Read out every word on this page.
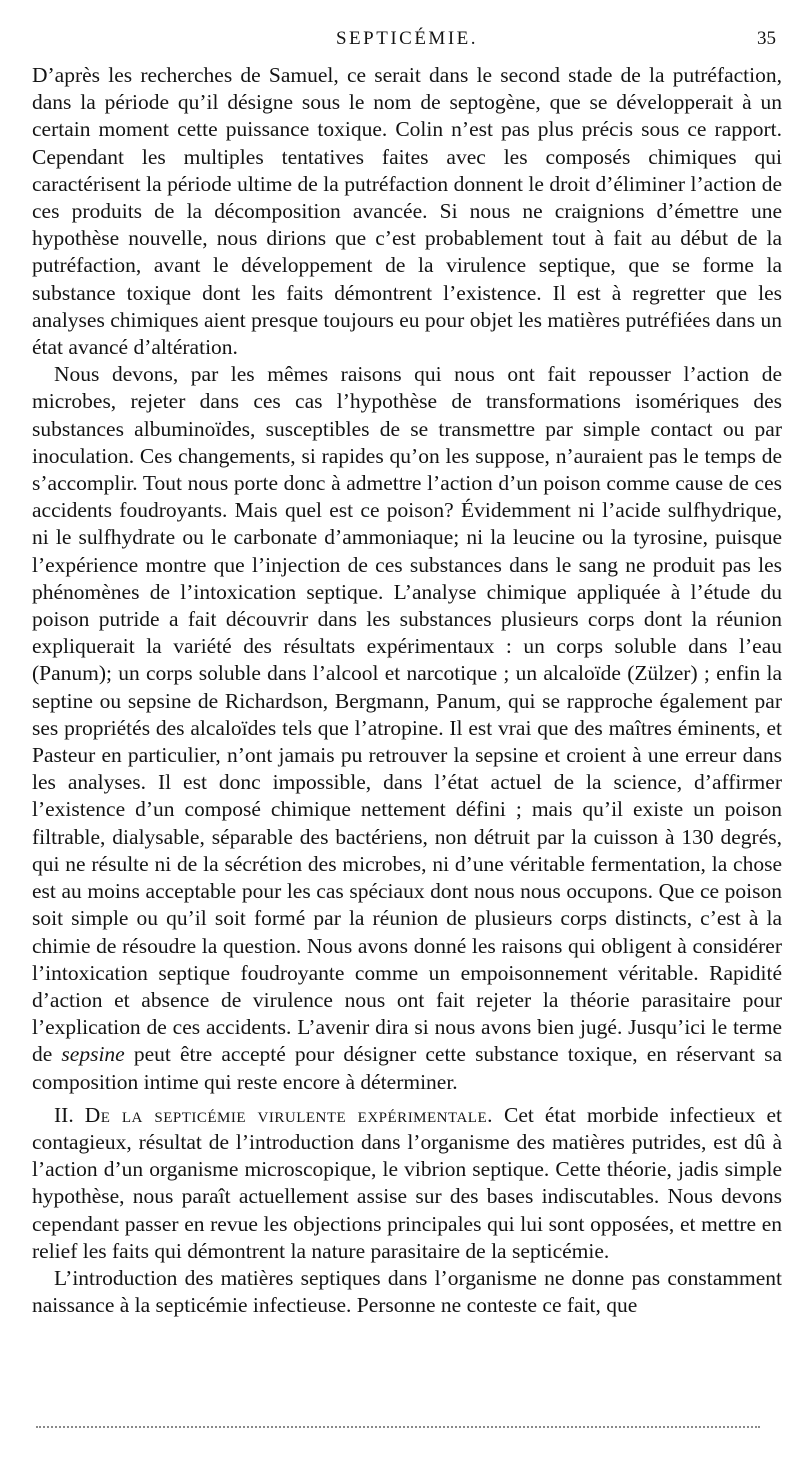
SEPTICÉMIE.	35

D’après les recherches de Samuel, ce serait dans le second stade de la putréfaction, dans la période qu’il désigne sous le nom de septogène, que se développerait à un certain moment cette puissance toxique. Colin n’est pas plus précis sous ce rapport. Cependant les multiples tentatives faites avec les composés chimiques qui caractérisent la période ultime de la putréfaction donnent le droit d’éliminer l’action de ces produits de la décomposition avancée. Si nous ne craignions d’émettre une hypothèse nouvelle, nous dirions que c’est probablement tout à fait au début de la putréfaction, avant le développement de la virulence septique, que se forme la substance toxique dont les faits démontrent l’existence. Il est à regretter que les analyses chimiques aient presque toujours eu pour objet les matières putréfiées dans un état avancé d’altération.

Nous devons, par les mêmes raisons qui nous ont fait repousser l’action de microbes, rejeter dans ces cas l’hypothèse de transformations isomériques des substances albuminoïdes, susceptibles de se transmettre par simple contact ou par inoculation. Ces changements, si rapides qu’on les suppose, n’auraient pas le temps de s’accomplir. Tout nous porte donc à admettre l’action d’un poison comme cause de ces accidents foudroyants. Mais quel est ce poison? Évidemment ni l’acide sulfhydrique, ni le sulfhydrate ou le carbonate d’ammoniaque; ni la leucine ou la tyrosine, puisque l’expérience montre que l’injection de ces substances dans le sang ne produit pas les phénomènes de l’intoxication septique. L’analyse chimique appliquée à l’étude du poison putride a fait découvrir dans les substances plusieurs corps dont la réunion expliquerait la variété des résultats expérimentaux : un corps soluble dans l’eau (Panum); un corps soluble dans l’alcool et narcotique ; un alcaloïde (Zülzer) ; enfin la septine ou sepsine de Richardson, Bergmann, Panum, qui se rapproche également par ses propriétés des alcaloïdes tels que l’atropine. Il est vrai que des maîtres éminents, et Pasteur en particulier, n’ont jamais pu retrouver la sepsine et croient à une erreur dans les analyses. Il est donc impossible, dans l’état actuel de la science, d’affirmer l’existence d’un composé chimique nettement défini ; mais qu’il existe un poison filtrable, dialysable, séparable des bactériens, non détruit par la cuisson à 130 degrés, qui ne résulte ni de la sécrétion des microbes, ni d’une véritable fermentation, la chose est au moins acceptable pour les cas spéciaux dont nous nous occupons. Que ce poison soit simple ou qu’il soit formé par la réunion de plusieurs corps distincts, c’est à la chimie de résoudre la question. Nous avons donné les raisons qui obligent à considérer l’intoxication septique foudroyante comme un empoisonnement véritable. Rapidité d’action et absence de virulence nous ont fait rejeter la théorie parasitaire pour l’explication de ces accidents. L’avenir dira si nous avons bien jugé. Jusqu’ici le terme de sepsine peut être accepté pour désigner cette substance toxique, en réservant sa composition intime qui reste encore à déterminer.

II. De la septicémie virulente expérimentale. Cet état morbide infectieux et contagieux, résultat de l’introduction dans l’organisme des matières putrides, est dû à l’action d’un organisme microscopique, le vibrion septique. Cette théorie, jadis simple hypothèse, nous paraît actuellement assise sur des bases indiscutables. Nous devons cependant passer en revue les objections principales qui lui sont opposées, et mettre en relief les faits qui démontrent la nature parasitaire de la septicémie.

L’introduction des matières septiques dans l’organisme ne donne pas constamment naissance à la septicémie infectieuse. Personne ne conteste ce fait, que
